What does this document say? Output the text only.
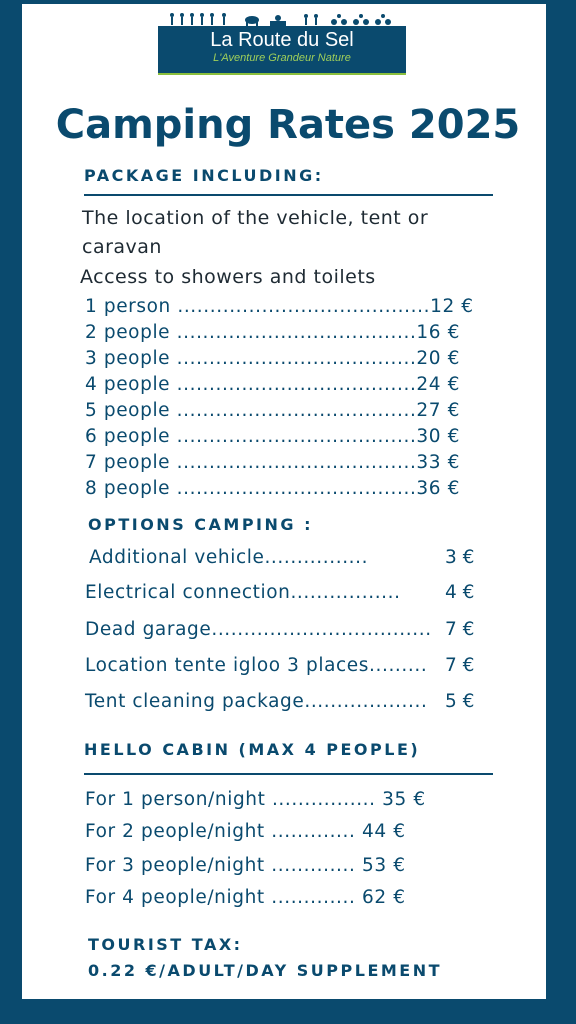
La Route du Sel
L'Aventure Grandeur Nature
Camping Rates 2025
PACKAGE INCLUDING:
The location of the vehicle, tent or
caravan
Access to showers and toilets
1 person .......................................12 €
2 people .....................................16 €
3 people .....................................20 €
4 people .....................................24 €
5 people .....................................27 €
6 people .....................................30 €
7 people .....................................33 €
8 people .....................................36 €
OPTIONS CAMPING :
Additional vehicle................	3 €
Electrical connection................. 4 €
Dead garage.................................. 7 €
Location tente igloo 3 places......... 7 €
Tent cleaning package................... 5 €
HELLO CABIN (MAX 4 PEOPLE)
For 1 person/night ................ 35 €
For 2 people/night ............. 44 €
For 3 people/night ............. 53 €
For 4 people/night ............. 62 €
TOURIST TAX:
0.22 €/ADULT/DAY SUPPLEMENT
